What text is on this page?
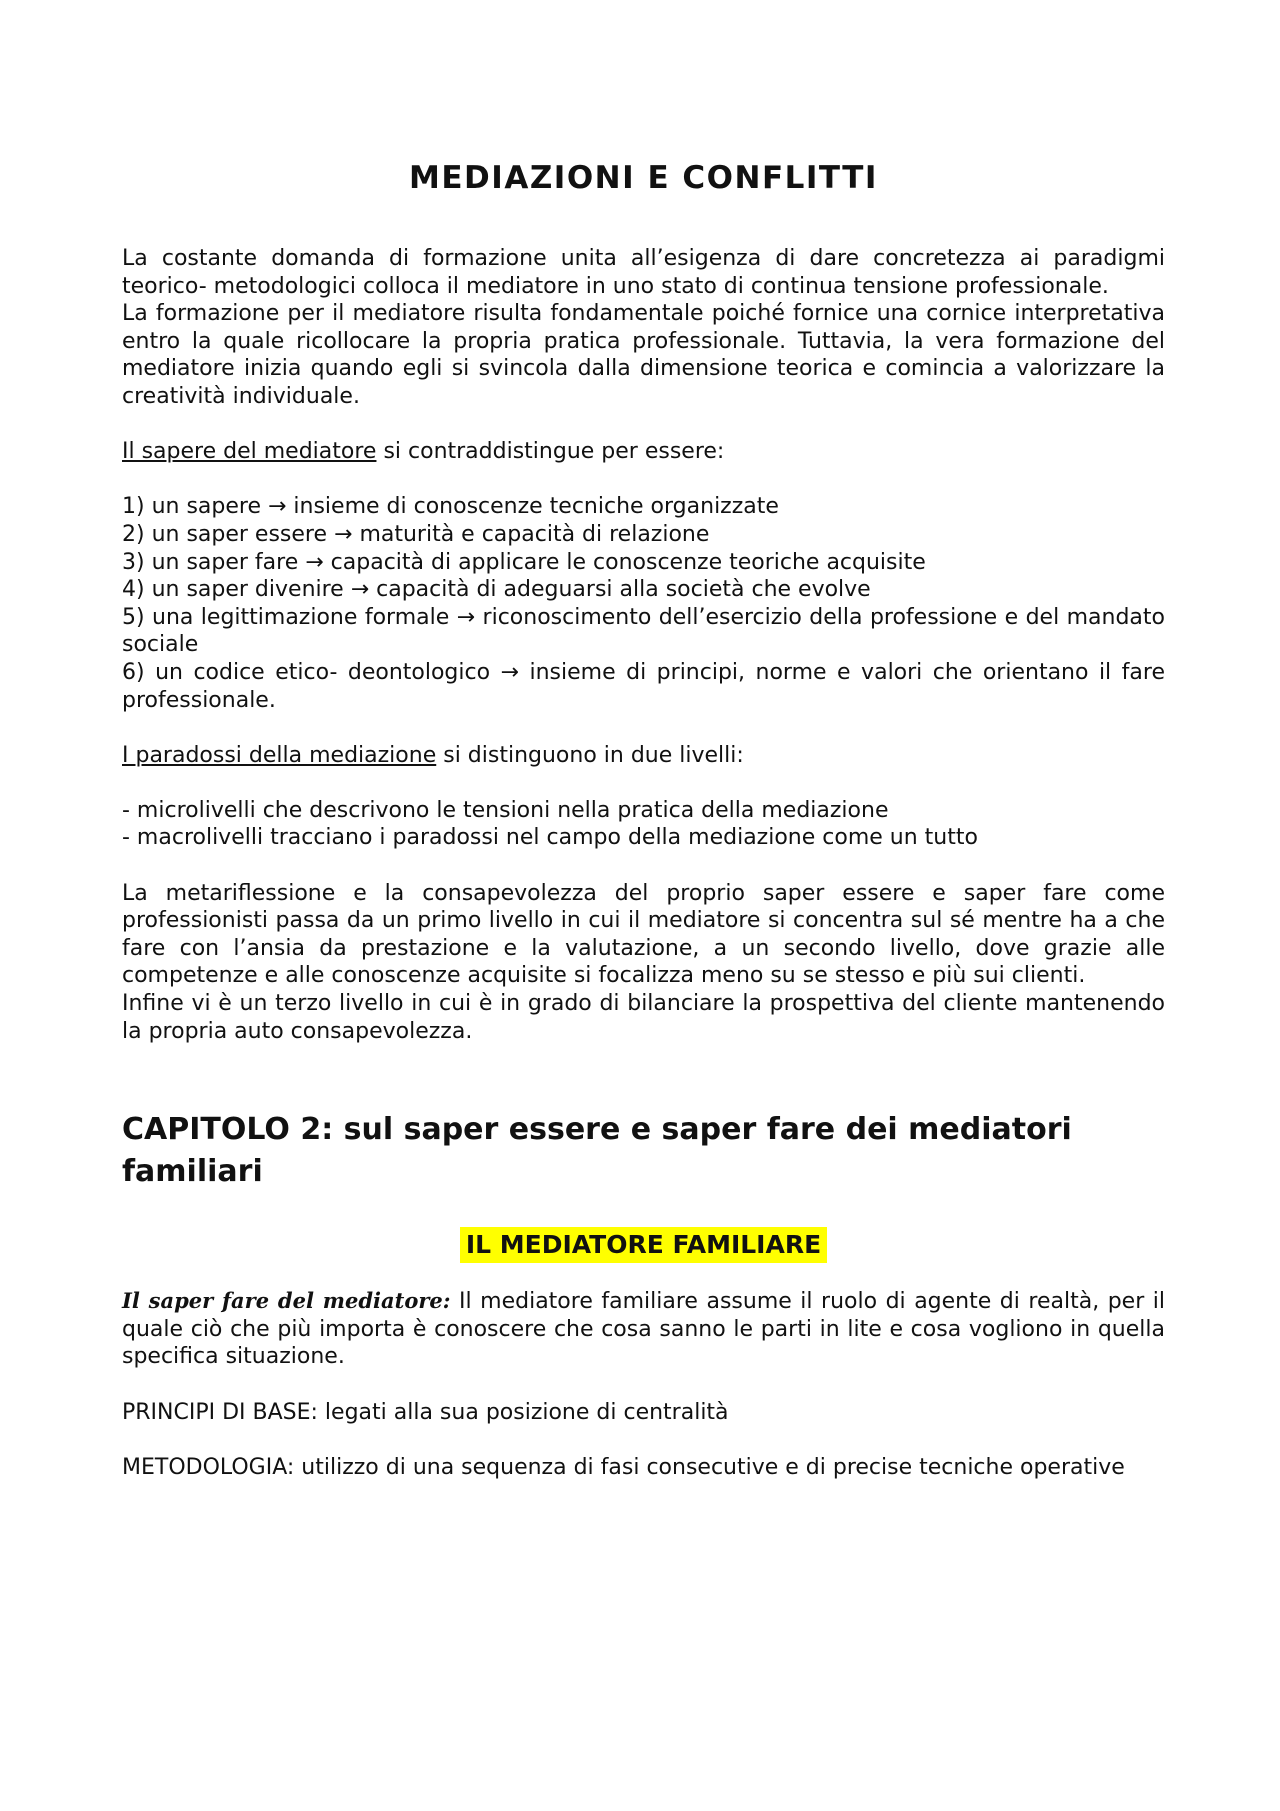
MEDIAZIONI E CONFLITTI

La costante domanda di formazione unita all’esigenza di dare concretezza ai paradigmi teorico- metodologici colloca il mediatore in uno stato di continua tensione professionale.

La formazione per il mediatore risulta fondamentale poiché fornice una cornice interpretativa entro la quale ricollocare la propria pratica professionale. Tuttavia, la vera formazione del mediatore inizia quando egli si svincola dalla dimensione teorica e comincia a valorizzare la creatività individuale.

Il sapere del mediatore si contraddistingue per essere:

1) un sapere → insieme di conoscenze tecniche organizzate

2) un saper essere → maturità e capacità di relazione

3) un saper fare → capacità di applicare le conoscenze teoriche acquisite

4) un saper divenire → capacità di adeguarsi alla società che evolve

5) una legittimazione formale → riconoscimento dell’esercizio della professione e del mandato sociale

6) un codice etico- deontologico → insieme di principi, norme e valori che orientano il fare professionale.

I paradossi della mediazione si distinguono in due livelli:

- microlivelli che descrivono le tensioni nella pratica della mediazione

- macrolivelli tracciano i paradossi nel campo della mediazione come un tutto

La metariflessione e la consapevolezza del proprio saper essere e saper fare come professionisti passa da un primo livello in cui il mediatore si concentra sul sé mentre ha a che fare con l’ansia da prestazione e la valutazione, a un secondo livello, dove grazie alle competenze e alle conoscenze acquisite si focalizza meno su se stesso e più sui clienti.

Infine vi è un terzo livello in cui è in grado di bilanciare la prospettiva del cliente mantenendo la propria auto consapevolezza.

CAPITOLO 2: sul saper essere e saper fare dei mediatori familiari
IL MEDIATORE FAMILIARE

Il saper fare del mediatore: Il mediatore familiare assume il ruolo di agente di realtà, per il quale ciò che più importa è conoscere che cosa sanno le parti in lite e cosa vogliono in quella specifica situazione.

PRINCIPI DI BASE: legati alla sua posizione di centralità

METODOLOGIA: utilizzo di una sequenza di fasi consecutive e di precise tecniche operative
